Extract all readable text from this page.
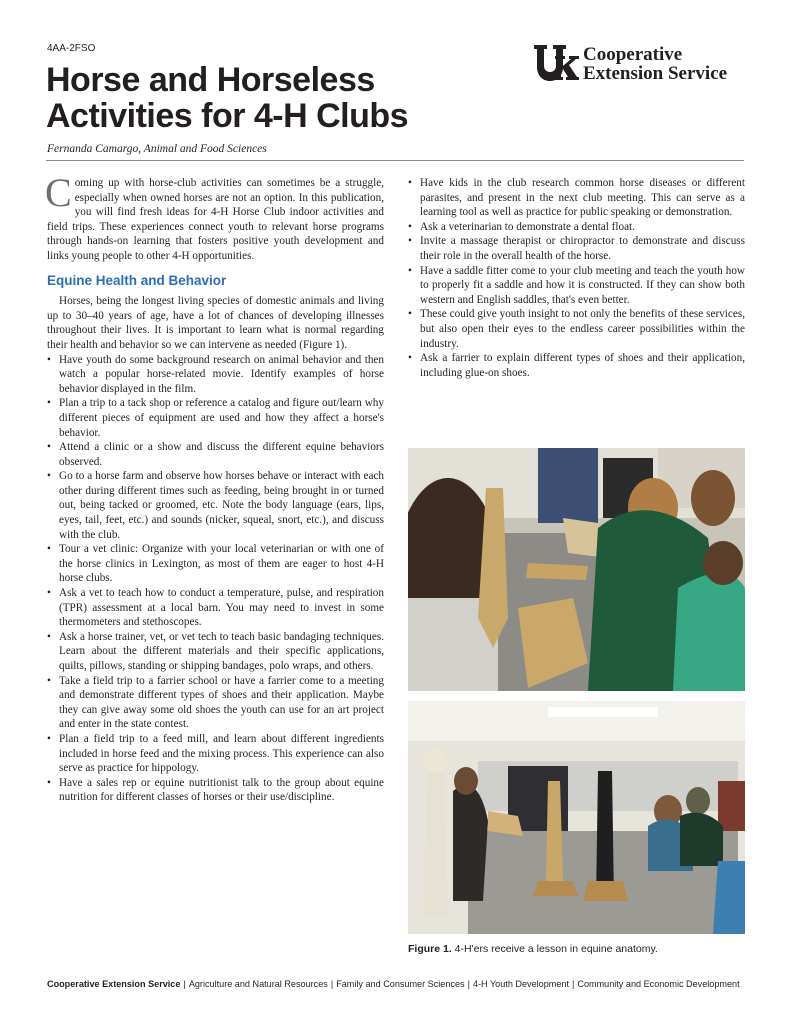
4AA-2FSO
Horse and Horseless Activities for 4-H Clubs
Fernanda Camargo, Animal and Food Sciences
Cooperative
Extension Service

Coming up with horse-club activities can sometimes be a struggle, especially when owned horses are not an option. In this publication, you will find fresh ideas for 4-H Horse Club indoor activities and field trips. These experiences connect youth to relevant horse programs through hands-on learning that fosters positive youth development and links young people to other 4-H opportunities.

Equine Health and Behavior

Horses, being the longest living species of domestic animals and living up to 30–40 years of age, have a lot of chances of developing illnesses throughout their lives. It is important to learn what is normal regarding their health and behavior so we can intervene as needed (Figure 1).

• Have youth do some background research on animal behavior and then watch a popular horse-related movie. Identify examples of horse behavior displayed in the film.
• Plan a trip to a tack shop or reference a catalog and figure out/learn why different pieces of equipment are used and how they affect a horse's behavior.
• Attend a clinic or a show and discuss the different equine behaviors observed.
• Go to a horse farm and observe how horses behave or interact with each other during different times such as feeding, being brought in or turned out, being tacked or groomed, etc. Note the body language (ears, lips, eyes, tail, feet, etc.) and sounds (nicker, squeal, snort, etc.), and discuss with the club.
• Tour a vet clinic: Organize with your local veterinarian or with one of the horse clinics in Lexington, as most of them are eager to host 4-H horse clubs.
• Ask a vet to teach how to conduct a temperature, pulse, and respiration (TPR) assessment at a local barn. You may need to invest in some thermometers and stethoscopes.
• Ask a horse trainer, vet, or vet tech to teach basic bandaging techniques. Learn about the different materials and their specific applications, quilts, pillows, standing or shipping bandages, polo wraps, and others.
• Take a field trip to a farrier school or have a farrier come to a meeting and demonstrate different types of shoes and their application. Maybe they can give away some old shoes the youth can use for an art project and enter in the state contest.
• Plan a field trip to a feed mill, and learn about different ingredients included in horse feed and the mixing process. This experience can also serve as practice for hippology.
• Have a sales rep or equine nutritionist talk to the group about equine nutrition for different classes of horses or their use/discipline.
• Have kids in the club research common horse diseases or different parasites, and present in the next club meeting. This can serve as a learning tool as well as practice for public speaking or demonstration.
• Ask a veterinarian to demonstrate a dental float.
• Invite a massage therapist or chiropractor to demonstrate and discuss their role in the overall health of the horse.
• Have a saddle fitter come to your club meeting and teach the youth how to properly fit a saddle and how it is constructed. If they can show both western and English saddles, that's even better.
• These could give youth insight to not only the benefits of these services, but also open their eyes to the endless career possibilities within the industry.
• Ask a farrier to explain different types of shoes and their application, including glue-on shoes.
Figure 1. 4-H'ers receive a lesson in equine anatomy.
Cooperative Extension Service | Agriculture and Natural Resources | Family and Consumer Sciences | 4-H Youth Development | Community and Economic Development
